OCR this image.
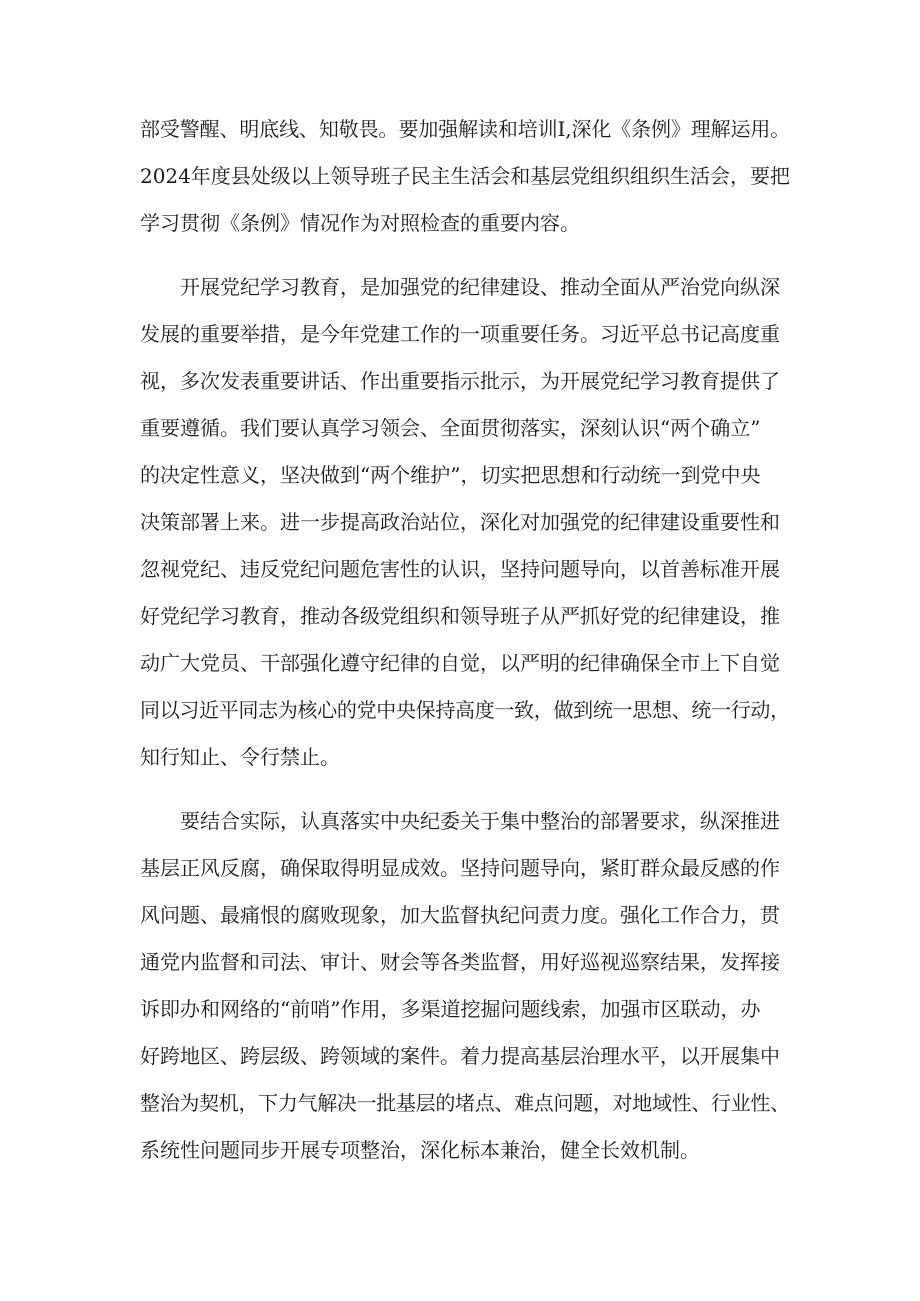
部受警醒、明底线、知敬畏。要加强解读和培训I,深化《条例》理解运用。
2024年度县处级以上领导班子民主生活会和基层党组织组织生活会，要把
学习贯彻《条例》情况作为对照检查的重要内容。
开展党纪学习教育，是加强党的纪律建设、推动全面从严治党向纵深
发展的重要举措，是今年党建工作的一项重要任务。习近平总书记高度重
视，多次发表重要讲话、作出重要指示批示，为开展党纪学习教育提供了
重要遵循。我们要认真学习领会、全面贯彻落实，深刻认识“两个确立”
的决定性意义，坚决做到“两个维护”，切实把思想和行动统一到党中央
决策部署上来。进一步提高政治站位，深化对加强党的纪律建设重要性和
忽视党纪、违反党纪问题危害性的认识，坚持问题导向，以首善标准开展
好党纪学习教育，推动各级党组织和领导班子从严抓好党的纪律建设，推
动广大党员、干部强化遵守纪律的自觉，以严明的纪律确保全市上下自觉
同以习近平同志为核心的党中央保持高度一致，做到统一思想、统一行动，
知行知止、令行禁止。
要结合实际，认真落实中央纪委关于集中整治的部署要求，纵深推进
基层正风反腐，确保取得明显成效。坚持问题导向，紧盯群众最反感的作
风问题、最痛恨的腐败现象，加大监督执纪问责力度。强化工作合力，贯
通党内监督和司法、审计、财会等各类监督，用好巡视巡察结果，发挥接
诉即办和网络的“前哨”作用，多渠道挖掘问题线索，加强市区联动，办
好跨地区、跨层级、跨领域的案件。着力提高基层治理水平，以开展集中
整治为契机，下力气解决一批基层的堵点、难点问题，对地域性、行业性、
系统性问题同步开展专项整治，深化标本兼治，健全长效机制。
